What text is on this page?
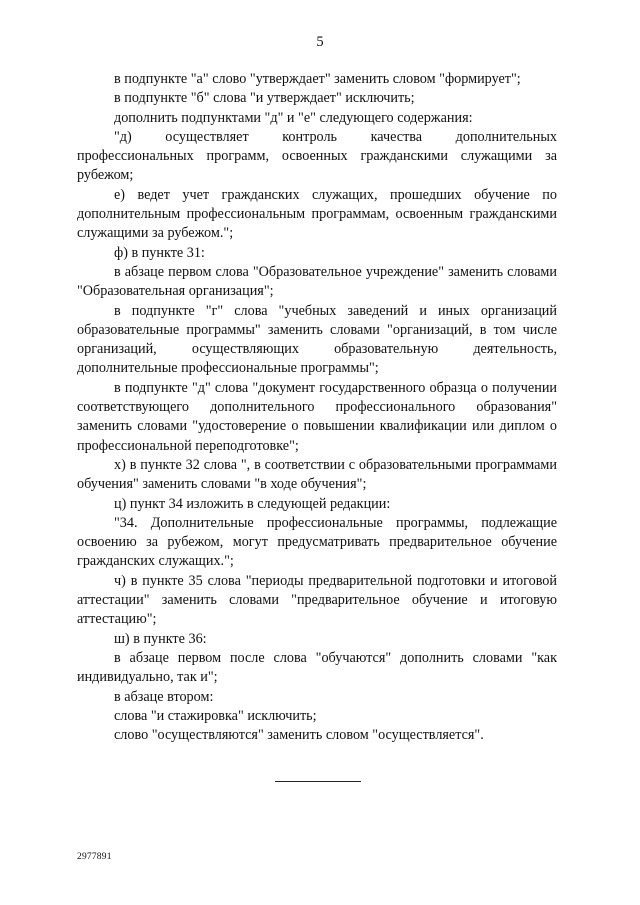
5

в подпункте "а" слово "утверждает" заменить словом "формирует";

в подпункте "б" слова "и утверждает" исключить;

дополнить подпунктами "д" и "е" следующего содержания:

"д) осуществляет контроль качества дополнительных профессиональных программ, освоенных гражданскими служащими за рубежом;

е) ведет учет гражданских служащих, прошедших обучение по дополнительным профессиональным программам, освоенным гражданскими служащими за рубежом.";

ф) в пункте 31:

в абзаце первом слова "Образовательное учреждение" заменить словами "Образовательная организация";

в подпункте "г" слова "учебных заведений и иных организаций образовательные программы" заменить словами "организаций, в том числе организаций, осуществляющих образовательную деятельность, дополнительные профессиональные программы";

в подпункте "д" слова "документ государственного образца о получении соответствующего дополнительного профессионального образования" заменить словами "удостоверение о повышении квалификации или диплом о профессиональной переподготовке";

х) в пункте 32 слова ", в соответствии с образовательными программами обучения" заменить словами "в ходе обучения";

ц) пункт 34 изложить в следующей редакции:

"34. Дополнительные профессиональные программы, подлежащие освоению за рубежом, могут предусматривать предварительное обучение гражданских служащих.";

ч) в пункте 35 слова "периоды предварительной подготовки и итоговой аттестации" заменить словами "предварительное обучение и итоговую аттестацию";

ш) в пункте 36:

в абзаце первом после слова "обучаются" дополнить словами "как индивидуально, так и";

в абзаце втором:

слова "и стажировка" исключить;

слово "осуществляются" заменить словом "осуществляется".

2977891
